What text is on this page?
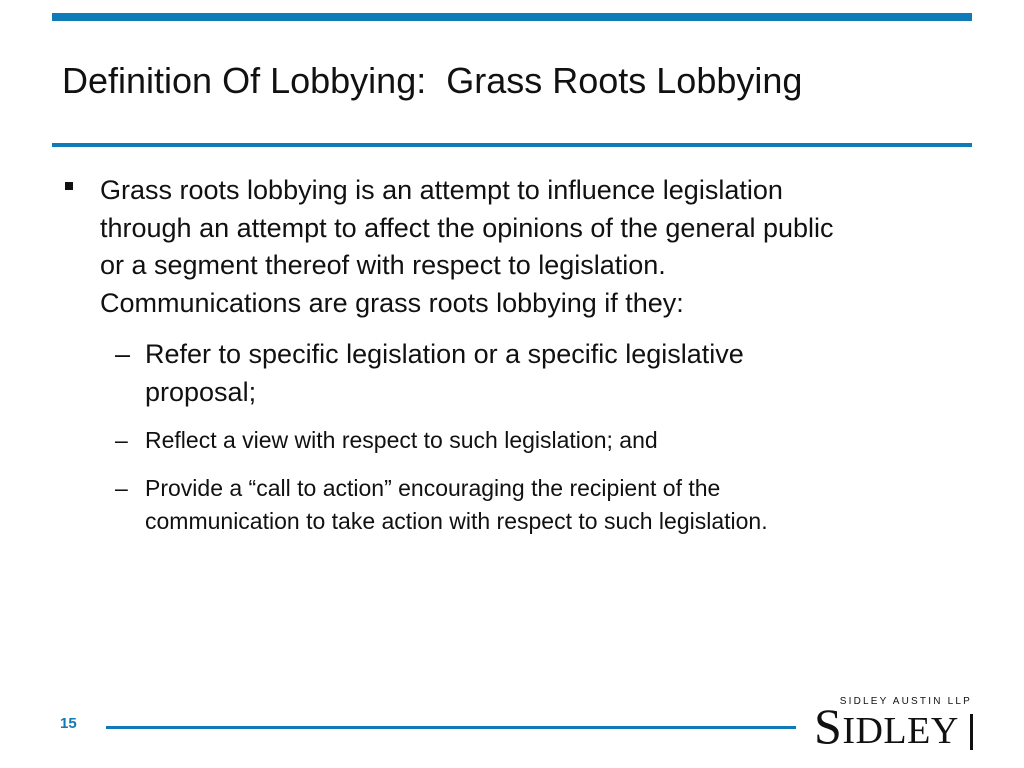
Definition Of Lobbying:  Grass Roots Lobbying
Grass roots lobbying is an attempt to influence legislation
through an attempt to affect the opinions of the general public
or a segment thereof with respect to legislation.
Communications are grass roots lobbying if they:
– Refer to specific legislation or a specific legislative
proposal;
– Reflect a view with respect to such legislation; and
– Provide a “call to action” encouraging the recipient of the
communication to take action with respect to such legislation.
15
SIDLEY AUSTIN LLP
SIDLEY
